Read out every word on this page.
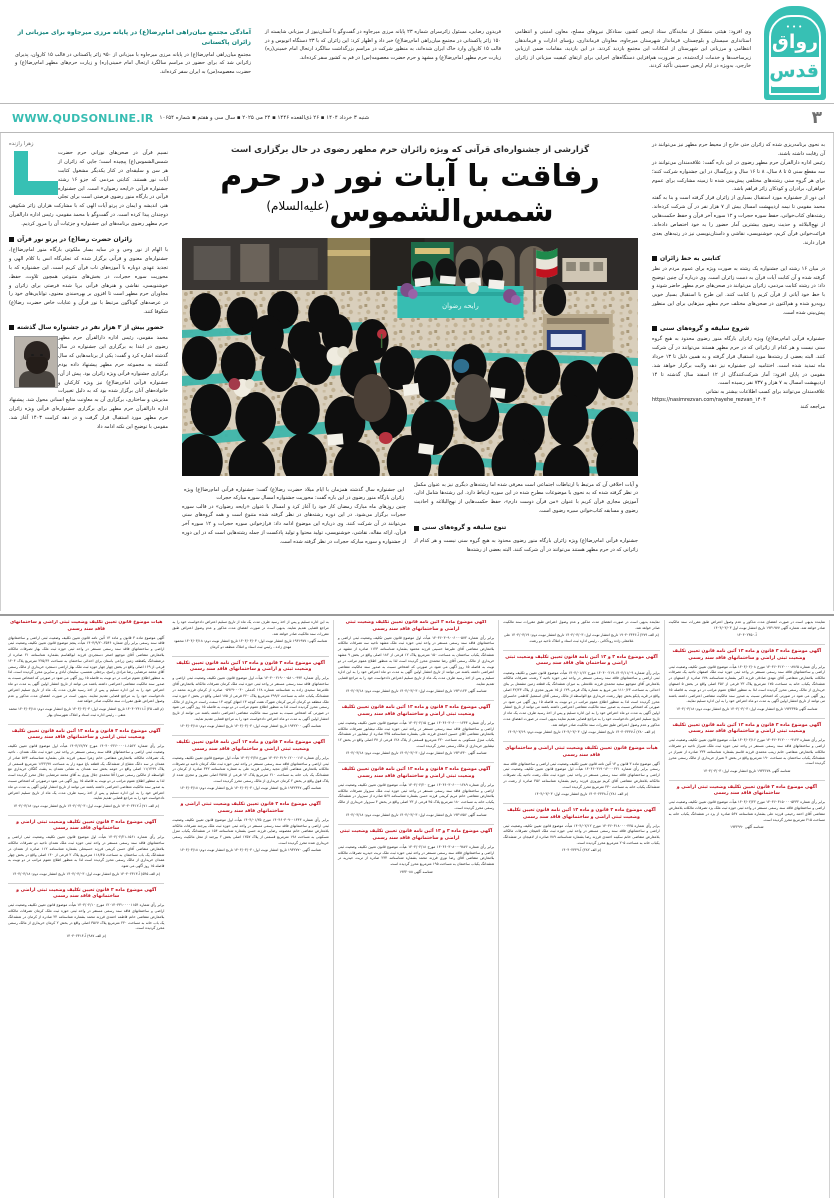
•••
رواق
قدس
آمادگی مجتمع میان‌راهی امام‌رضا(ع) در پایانه مرزی میرجاوه برای میزبانی از زائران پاکستانی
مجتمع میان‌راهی امام‌رضا(ع) در پایانه مرزی میرجاوه با میزبانی از ۹۵۰ زائر پاکستانی در قالب ۱۵ کاروان، پذیرای زائرانی شد که برای حضور در مراسم سالگرد ارتحال امام خمینی(ره) و زیارت حرم‌های مطهر امام‌رضا(ع) و حضرت معصومه(س) به ایران سفر کرده‌اند.
فریدون رضایی، مسئول زائرسرای شماره ۲۳ پایانه مرزی میرجاوه در گفت‌وگو با آستان‌نیوز از میزبانی شایسته از ۱۵۰ زائر پاکستانی در مجتمع میان‌راهی امام‌رضا(ع) خبر داد و اظهار کرد: این زائران که با ۲۳ دستگاه اتوبوس و در قالب ۱۵ کاروان وارد خاک ایران شده‌اند، به منظور شرکت در مراسم بزرگداشت سالگرد ارتحال امام خمینی(ره) زیارت حرم مطهر امام‌رضا(ع) و مشهد و حرم حضرت معصومه(س) در قم به کشور سفر کرده‌اند.
وی افزود: هیئتی متشکل از نمایندگان ستاد اربعین کشور، ستادکل نیروهای مسلح، معاون امنیتی و انتظامی استانداری سیستان و بلوچستان، فرماندار شهرستان میرجاوه، معاونان فرمانداری، رؤسای ادارات و فرماندهان انتظامی و مرزبانی این شهرستان از امکانات این مجتمع بازدید کردند. در این بازدید، مقامات ضمن ارزیابی زیرساخت‌ها و خدمات ارائه‌شده، بر ضرورت هم‌افزایی دستگاه‌های اجرایی برای ارتقای کیفیت میزبانی از زائران خارجی، به‌ویژه در ایام اربعین حسینی تأکید کردند.
۳
شنبه ۳ خرداد ۱۴۰۴ ▪ ۲۶ ذی‌القعده ۱۴۴۶ ▪ ۲۴ می ۲۰۲۵ ▪ سال سی و هفتم ▪ شماره ۱۰۶۵۴
WWW.QUDSONLINE.IR
زهرا رازنده
نسیم قرآن در صحن‌های نورانی حرم حضرت شمس‌الشموس(ع) پیچیده است؛ جایی که زائران از هر سن و سلیقه‌ای در کنار یکدیگر مشغول کتابت آیات نور هستند. کتابتی مردمی که جزو ۱۶ رشته جشنواره قرآنی «رایحه رضوان» است. این جشنواره قرآنی در بارگاه منور رضوی فرصتی است برای تجلی هنر، اندیشه و ایمان در پرتو آیات الهی که با مشارکت هزاران زائر شکوهی دوچندان پیدا کرده است. در گفت‌وگو با محمد مقومی، رئیس اداره دارالقرآن حرم مطهر رضوی برنامه‌های این جشنواره و جزئیات آن را مرور کردیم.
زائران حضرت رضا(ع) در پرتو نور قرآن
با الهام از نور وحی و در سایه بسار ملکوتی بارگاه منور امام‌رضا(ع)، جشنواره‌ای معنوی و قرآنی برگزار شده که تجلی‌گاه انس با کلام الهی و تجدید عهدی دوباره با آموزه‌های ناب قرآن کریم است. این جشنواره که با محوریت سوره حجرات، در بخش‌های متنوعی همچون تلاوت، حفظ، خوشنویسی، نقاشی و هنرهای قرآنی برپا شده فرصتی برای زائران و مجاوران حرم مطهر است تا افزون بر بهره‌مندی معنوی، توانایی‌های خود را در عرصه‌های گوناگون مرتبط با نور قرآن و عنایات خاص حضرت رضا(ع) شکوفا کنند.
حضور بیش از ۳ هزار نفر در جشنواره سال گذشته
محمد مقومی، رئیس اداره دارالقرآن حرم مطهر رضوی در ابتدا به برگزاری این جشنواره در سال گذشته اشاره کرد و گفت: یکی از برنامه‌هایی که سال گذشته به مجموعه حرم مطهر پیشنهاد داده بودم برگزاری جشنواره قرآنی ویژه زائران بود. پیش از آن، جشنواره قرآنی امام‌رضا(ع) نیز ویژه کارکنان و خانواده‌های آنان برگزار شده بود که به دلیل تغییرات مدیریتی و ساختاری، برگزاری آن به معاونت منابع انسانی محول شد. پیشنهاد اداره دارالقرآن حرم مطهر برای برگزاری جشنواره‌ای قرآنی ویژه زائران حرم مطهر مورد استقبال قرار گرفت و در دهه کرامت ۱۴۰۳ آغاز شد. مقومی با توضیح این نکته ادامه داد
گزارشی از جشنواره‌ای قرآنی که ویژه زائران حرم مطهر رضوی در حال برگزاری است
رفاقت با آیات نور در حرم شمس‌الشموس$^{(علیه‌السلام)}$
رایحه رضوان
این جشنواره سال گذشته همزمان با ایام میلاد حضرت رضا(ع) گفت: جشنواره قرآنی امام‌رضا(ع) ویژه زائران بارگاه منور رضوی در این باره گفت: محوریت جشنواره امسال سوره مبارکه حجرات
چنین روزهای ماه مبارک رمضان کار خود را آغاز کرد و امسال با عنوان «رایحه رضوان» در قالب سوره حجرات برگزار می‌شود. در این دوره رشته‌های در نظر گرفته شده متنوع است و همه گروه‌های سنی می‌توانند در آن شرکت کنند. وی درباره این موضوع ادامه داد: فرازخوانی سوره حجرات و ۱۲ سوره آخر قرآن، ارائه مقاله، نقاشی، خوشنویسی، تولید محتوا و تولید پادکست از جمله رشته‌هایی است که در این دوره از جشنواره و سوره مبارکه حجرات در نظر گرفته شده است.
و آیات اخلاقی آن که مرتبط با ارتباطات اجتماعی است معرفی شده اما رشته‌های دیگری نیز به عنوان مکمل در نظر گرفته شده که به نحوی با موضوعات مطرح شده در این سوره ارتباط دارد. این رشته‌ها شامل اذان، آموزش مجازی قرآن کریم با عنوان «من قرآن دوست دارم»، حفظ حکمت‌هایی از نهج‌البلاغه و احادیث رضوی و مسابقه کتاب‌خوانی سیره رضوی است.
تنوع سلیقه و گروه‌های سنی
جشنواره قرآنی امام‌رضا(ع) ویژه زائران بارگاه منور رضوی محدود به هیچ گروه سنی نیست و هر کدام از زائرانی که در حرم مطهر هستند می‌توانند در آن شرکت کنند. البته بعضی از رشته‌ها
به نحوی برنامه‌ریزی شده که زائران حتی خارج از محیط حرم مطهر نیز می‌توانند در آن رقابت داشته باشند.
رئیس اداره دارالقرآن حرم مطهر رضوی در این باره گفت: علاقه‌مندان می‌توانند در سه مقطع سنی ۵ تا ۸ سال، ۸ تا ۱۶ سال و بزرگسال در این جشنواره شرکت کنند؛ برای هر گروه سنی رشته‌های مختلفی پیش‌بینی شده تا زمینه مشارکت برای عموم خواهران، برادران و کودکان زائر فراهم باشد.
این دور از جشنواره مورد استقبال بسیاری از زائران قرار گرفته است و بنا به گفته محمد مقومی تا نیمه اردیبهشت امسال بیش از ۷ هزار نفر در آن شرکت کرده‌اند. رشته‌های کتاب‌خوانی، حفظ سوره حجرات و ۱۲ سوره آخر قرآن و حفظ حکمت‌هایی از نهج‌البلاغه و حدیث رضوی بیشترین آمار حضور را به خود اختصاص داده‌اند. قرائت‌خوانی قرآن کریم، خوشنویسی، نقاشی و داستان‌نویسی نیز در رتبه‌های بعدی قرار دارند.
کتابتی به خط زائران
در میان ۱۶ رشته این جشنواره یک رشته به صورت ویژه برای عموم مردم در نظر گرفته شده و آن کتابت آیات قرآن به دست زائران است. وی درباره آن چنین توضیح داد: در رشته کتابت مردمی، زائران می‌توانند در صحن‌های حرم مطهر حاضر شوند و با خط خود آیاتی از قرآن کریم را کتابت کنند. این طرح با استقبال بسیار خوبی روبه‌رو شده و هم‌اکنون در صحن‌های مختلف حرم مطهر میزهایی برای این منظور پیش‌بینی شده است.
شروع سلیقه و گروه‌های سنی
جشنواره قرآنی امام‌رضا(ع) ویژه زائران بارگاه منور رضوی محدود به هیچ گروه سنی نیست و هر کدام از زائرانی که در حرم مطهر هستند می‌توانند در آن شرکت کنند. البته بعضی از رشته‌ها مورد استقبال قرار گرفته و به همین دلیل تا ۱۳ خرداد ماه تمدید شده است. اختتامیه این جشنواره نیز دهه ولایت برگزار خواهد شد. مقومی در پایان افزود: آمار شرکت‌کنندگان از ۱۲ اسفند سال گذشته تا ۱۴ اردیبهشت امسال به ۷ هزار و ۷۳۷ نفر رسیده است.
علاقه‌مندان می‌توانند برای کسب اطلاعات بیشتر به نشانی
https://nasimrezvan.com/rayehe_rezvan_۱۴۰۴
مراجعه کنند
هیأت موضوع قانون تعیین تکلیف وضعیت ثبتی اراضی و ساختمانهای فاقد سند رسمی
آگهی موضوع ماده ۳ قانون و ماده ۱۳ آئین نامه قانون تعیین تکلیف وضعیت ثبتی اراضی و ساختمانهای فاقد سند رسمی برابر رأی شماره ۲۵۴۶-۱۴۰۳/۹/۲۰ هیأت پنجم موضوع قانون تعیین تکلیف وضعیت ثبتی اراضی و ساختمانهای فاقد سند رسمی مستقر در واحد ثبتی حوزه ثبت ملک بهار تصرفات مالکانه بلامعارض متقاضی آقای موجهو اصغر دستجردی فرزند ابوالقاسم بشماره شناسنامه ۲۱ صادره از درششدانگ یکقطعه زمین زراعی باستان برای احداثی ساختمان به مساحت ۲۲۵/۶۴ مترمربع پلاک ۱۴۰۴ فرعی از ۱۶۹ اصلی واقع در بخش چهار جهار حوزه ثبت ملک بهار اراضی دستجرد خریداری از مالک رسمی آقای محمد مرتضایی رضا مرادی راسخ، برجعلی شمسی، سلیمان آبادی و سایرین محرز گردیده است. لذا به منظور اطلاع عموم مراتب در دو نوبت به فاصله ۱۵ روز آگهی می شود در صورتی که اشخاص نسبت به صدور سند مالکیت متقاضی اعتراضی داشته باشند می توانند از تاریخ انتشار اولین آگهی به مدت دو ماه اعتراض خود را به این اداره تسلیم و پس از اخذ رسید ظرف مدت یک ماه از تاریخ تسلیم اعتراض دادخواست خود را به مراجع قضایی تقدیم نمایند. بدیهی است در صورت انقضای مدت مذکور و عدم وصول اعتراض طبق مقررات سند مالکیت صادر خواهد شد.
(م الف ۲۵) آ-۱۴۰۴۰۲۴۱۱ تاریخ انتشار نوبت اول: ۱۴۰۴/۰۳/۰۳ تاریخ انتشار نوبت دوم: ۱۴۰۴/۰۳/۱۸ محمد متقی - رئیس اداره ثبت اسناد و املاک شهرستان بهار
آگهی موضوع ماده ۳ قانون و ماده ۱۳ آئین نامه قانون تعیین تکلیف وضعیت ثبتی اراضی و ساختمانهای فاقد سند رسمی
برابر رأی شماره ۱۵۶۲-۱۴۰۴۰۰۲۲۶۰۰۰۰۱ مورخ ۱۴۰۳/۱۲/۲۷ هیأت اول موضوع قانون تعیین تکلیف وضعیت ثبتی اراضی و ساختمانهای فاقد سند رسمی مستقر در واحد ثبتی حوزه ثبت ملک همدان - ناحیه یک تصرفات مالکانه بلامعارض متقاضی خانم زهرا سیفی فرزند علی بشماره شناسنامه ۵۷۳ صادر از همدان در سه دانگ مشاع از ششدانگ یک قطعه باغ میوه زار به مساحت ۱۶۲۲/۹۷ مترمربع قسمتی از پلاک ۱۱/۱۲۹۹ اصلی واقع در حومه بخش سه همدان به نشانی همدان به پشت گلگان خریداری مع الواسطه از مالکین رسمی میرزا آقا محمدی جلال پوری به آقای محمد مرتضایی جلال محرز گردیده است لذا به منظور اطلاع عموم مراتب در دو نوبت به فاصله ۱۵ روز آگهی می شود درصورتی که اشخاص نسبت به صدور سند مالکیت متقاضی اعتراضی داشته باشند می توانند از تاریخ انتشار اولین آگهی به مدت دو ماه اعتراض خود را به این اداره تسلیم و پس از اخذ رسید ظرف مدت یک ماه از تاریخ تسلیم اعتراض دادخواست خود را به مراجع قضایی تقدیم نمایند.
(م الف ۷۱) آ-۱۴۰۴۰۲۴۱۲ تاریخ انتشار نوبت اول: ۱۴۰۴/۰۳/۰۳ تاریخ انتشار نوبت دوم: ۱۴۰۴/۰۳/۱۸
آگهی موضوع ماده ۳ قانون تعیین تکلیف وضعیت ثبتی اراضی و ساختمانهای فاقد سند رسمی
برابر رأی شماره ۱۵۶۱-۱۴۰۴/۰۲/۲۱ هیأت اول موضوع قانون تعیین تکلیف وضعیت ثبتی اراضی و ساختمانهای فاقد سند رسمی مستقر در واحد ثبتی حوزه ثبت ملک همدان ناحیه دو تصرفات مالکانه بلامعارض متقاضی آقای حسن کریمی فرزند حسینعلی بشماره شناسنامه ۱۱۲ صادره از همدان در ششدانگ یک باب ساختمان به مساحت ۱۱۸/۴۵ مترمربع پلاک ۲ فرعی از ۱۴۰ اصلی واقع در بخش چهار همدان خریداری از مالک رسمی محرز گردیده است لذا به منظور اطلاع عموم مراتب در دو نوبت به فاصله ۱۵ روز آگهی می شود.
(م الف ۵۴۵) آ-۱۴۰۴۰۲۴۱۳ تاریخ انتشار نوبت اول: ۱۴۰۴/۰۳/۰۳ تاریخ انتشار نوبت دوم: ۱۴۰۴/۰۳/۱۸
آگهی موضوع ماده ۳ قانون تعیین تکلیف وضعیت ثبتی اراضی و ساختمانهای فاقد سند رسمی
برابر رأی شماره ۱۲۰۱۴۰۴۳۱۰۰۰۰۱۱۵۴ مورخ ۱۴۰۴/۰۲/۱۰ هیأت موضوع قانون تعیین تکلیف وضعیت ثبتی اراضی و ساختمانهای فاقد سند رسمی مستقر در واحد ثبتی حوزه ثبت ملک کرمان تصرفات مالکانه بلامعارض متقاضی خانم فاطمه احمدی فرزند محمد بشماره شناسنامه ۲۴ صادره از کرمان در ششدانگ یک باب خانه به مساحت ۲۴۰ مترمربع پلاک ۳۵۶۷ اصلی واقع در بخش ۲ کرمان خریداری از مالک رسمی محرز گردیده است.
(م الف ۹۸۷) آ-۱۴۰۴۰۲۴۱۴
به این اداره تسلیم و پس از اخذ رسید ظرف مدت یک ماه از تاریخ تسلیم اعتراض دادخواست خود را به مراجع قضایی تقدیم نمایند. بدیهی است در صورت انقضای مدت مذکور و عدم وصول اعتراض طبق مقررات سند مالکیت صادر خواهد شد.
شناسه آگهی: ۱۹۳۱۹۷۷ تاریخ انتشار نوبت اول: ۱۴۰۴/۰۳/۰۳ تاریخ انتشار نوبت دوم: ۱۴۰۴/۰۳/۱۸ محمود مهدی زاده - رئیس ثبت اسناد و املاک منطقه دو کرمان
آگهی موضوع ماده ۳ قانون و ماده ۱۳ آئین نامه قانون تعیین تکلیف وضعیت ثبتی و اراضی و ساختمانهای فاقد سند رسمی
برابر رأی شماره ۰۹۹۴-۱۴۰۴۰۰۲۱۹۰۰۰۵۸۰ هیأت اول موضوع قانون تعیین تکلیف وضعیت ثبتی اراضی و ساختمانهای فاقد سند رسمی مستقر در واحد ثبتی حوزه ثبت ملک کرمان تصرفات مالکانه بلامعارض آقای غلامرضا سعیدی زاده به شناسنامه شماره ۱۶۸ کدملی ۰۵۹۶۹۰۰۰۴۰ صادره از کرمان فرزند محمد در ششدانگ یکباب خانه به مساحت ۲۹۹/۶ مترمربع پلاک ۴۲۰ فرعی از ۱۷۵ اصلی واقع در بخش ۶ حوزه ثبت ملک منطقه دو کرمان آدرس کرمان شهرک هفت کوچه ۱۳ انتهای کوچه ۱۳ سمت راست خریداری از مالک رسمی محرز گردیده است لذا به منظور اطلاع عموم مراتب در دو نوبت به فاصله ۱۵ روز آگهی می شود در صورتی که اشخاص نسبت به صدور سند مالکیت متقاضی اعتراضی داشته باشند می توانند از تاریخ انتشار اولین آگهی به مدت دو ماه اعتراض دادخواست خود را به مراجع قضایی تقدیم نمایند.
شناسه آگهی ۱۹۳۲۲۰۰ تاریخ انتشار نوبت اول: ۱۴۰۴/۰۳/۰۳ تاریخ انتشار نوبت دوم: ۱۴۰۴/۰۳/۱۸
آگهی موضوع ماده ۳ قانون و ماده ۱۳ آئین نامه قانون تعیین تکلیف وضعیت ثبتی اراضی و ساختمانهای فاقد سند رسمی
برابر رأی شماره ۱۴۰۴۶۰۳۱۹۰۱۲۰۰۰۱۱۲ مورخ ۱۴۰۴/۰۲/۲۸ هیأت اول موضوع قانون تعیین تکلیف وضعیت ثبتی اراضی و ساختمانهای فاقد سند رسمی مستقر در واحد ثبتی حوزه ثبت ملک کرمان ناحیه دو تصرفات مالکانه بلامعارض متقاضی آقای مجید رضایی فرزند علی به شماره شناسنامه ۳۳۲ صادره از کرمان در ششدانگ یک باب خانه به مساحت ۲۱۰ مترمربع پلاک ۱۲ فرعی از ۴۵۷۵ اصلی مفروز و مجزی شده از پلاک فوق واقع در بخش ۲ کرمان خریداری از مالک رسمی محرز گردیده است.
شناسه آگهی ۱۹۳۲۴۴۷ تاریخ انتشار نوبت اول: ۱۴۰۴/۰۳/۰۳ تاریخ انتشار نوبت دوم: ۱۴۰۴/۰۳/۱۸
آگهی موضوع ماده ۳ قانون تعیین تکلیف وضعیت ثبتی اراضی و ساختمانهای فاقد سند رسمی
برابر رأی شماره ۱۴۰۴۶۰۳۰۹۰۰۱۴۴۳ مورخ ۱۴۰۴/۰۱/۲۵ هیأت اول موضوع قانون تعیین تکلیف وضعیت ثبتی اراضی و ساختمانهای فاقد سند رسمی مستقر در واحد ثبتی حوزه ثبت ملک بیرجند تصرفات مالکانه بلامعارض متقاضی خانم معصومه رضایی فرزند حسن بشماره شناسنامه ۱۵۴ در ششدانگ یکباب منزل مسکونی به مساحت ۱۹۸ مترمربع قسمتی از پلاک ۱۲۵۷ اصلی بخش ۲ بیرجند از محل مالکیت رسمی خریداری شده محرز گردیده است.
شناسه آگهی ۱۹۳۲۷۷۰ تاریخ انتشار نوبت اول: ۱۴۰۴/۰۳/۰۳ تاریخ انتشار نوبت دوم: ۱۴۰۴/۰۳/۱۸
آگهی موضوع ماده ۳ آئین نامه قانون تعیین تکلیف وضعیت ثبتی اراضی و ساختمانهای فاقد سند رسمی
برابر رأی شماره ۱۴۰۴۶۰۳۰۹۰۰۶۰۰۰۵۷۲ هیأت اول موضوع قانون تعیین تکلیف وضعیت ثبتی اراضی و ساختمانهای فاقد سند رسمی مستقر در واحد ثبتی حوزه ثبت ملک مشهد ناحیه سه تصرفات مالکانه بلامعارض متقاضی آقای علیرضا حسینی فرزند محمود بشماره شناسنامه ۱۱۲۳ صادره از مشهد در ششدانگ یکباب ساختمان به مساحت ۱۵۰ مترمربع پلاک ۱۲ فرعی از ۱۸۲ اصلی واقع در بخش ۹ مشهد خریداری از مالک رسمی آقای رضا محمدی محرز گردیده است لذا به منظور اطلاع عموم مراتب در دو نوبت به فاصله ۱۵ روز آگهی می شود در صورتی که اشخاص نسبت به صدور سند مالکیت متقاضی اعتراضی داشته باشند می توانند از تاریخ انتشار اولین آگهی به مدت دو ماه اعتراض خود را به این اداره تسلیم و پس از اخذ رسید ظرف مدت یک ماه از تاریخ تسلیم اعتراض دادخواست خود را به مراجع قضایی تقدیم نمایند.
شناسه آگهی ۱۹۳۱۱۲۳ تاریخ انتشار نوبت اول: ۱۴۰۴/۰۳/۰۳ تاریخ انتشار نوبت دوم: ۱۴۰۴/۰۳/۱۸
آگهی موضوع ماده ۳ قانون و ماده ۱۳ آئین نامه قانون تعیین تکلیف وضعیت ثبتی اراضی و ساختمانهای فاقد سند رسمی
برابر رأی شماره ۱۴۰۴۶۰۳۰۶۰۰۰۱۲۳۴ مورخ ۱۴۰۴/۰۲/۱۵ هیأت موضوع قانون تعیین تکلیف وضعیت ثبتی اراضی و ساختمانهای فاقد سند رسمی مستقر در واحد ثبتی حوزه ثبت ملک نیشابور تصرفات مالکانه بلامعارض متقاضی آقای حسین احمدی فرزند علی بشماره شناسنامه ۳۴۵ صادره از نیشابور در ششدانگ یکباب منزل مسکونی به مساحت ۲۲۰ مترمربع قسمتی از پلاک ۱۲۸ فرعی از ۳۷ اصلی واقع در بخش ۱۲ نیشابور خریداری از مالک رسمی محرز گردیده است.
شناسه آگهی ۱۹۳۱۴۴۰ تاریخ انتشار نوبت اول: ۱۴۰۴/۰۳/۰۳ تاریخ انتشار نوبت دوم: ۱۴۰۴/۰۳/۱۸
آگهی موضوع ماده ۳ قانون و ماده ۱۳ آئین نامه قانون تعیین تکلیف وضعیت ثبتی اراضی و ساختمانهای فاقد سند رسمی
برابر رأی شماره ۱۴۰۴۶۰۳۰۶۰۰۰۱۲۸۹ مورخ ۱۴۰۴/۰۲/۲۰ هیأت موضوع قانون تعیین تکلیف وضعیت ثبتی اراضی و ساختمانهای فاقد سند رسمی مستقر در واحد ثبتی حوزه ثبت ملک سبزوار تصرفات مالکانه بلامعارض متقاضی خانم مریم کریمی فرزند حسن بشماره شناسنامه ۵۶۷ صادره از سبزوار در ششدانگ یکباب خانه به مساحت ۱۸۰ مترمربع پلاک ۴۵ فرعی از ۲۳ اصلی واقع در بخش ۳ سبزوار خریداری از مالک رسمی محرز گردیده است.
شناسه آگهی ۱۹۳۱۷۵۶ تاریخ انتشار نوبت اول: ۱۴۰۴/۰۳/۰۳ تاریخ انتشار نوبت دوم: ۱۴۰۴/۰۳/۱۸
آگهی موضوع ماده ۳ و ۱۳ آئین نامه قانون تعیین تکلیف وضعیت ثبتی اراضی و ساختمانهای فاقد سند رسمی
برابر رأی شماره ۱۴۰۴۶۰۳۰۸۰۰۰۹۸۷۶ مورخ ۱۴۰۴/۰۲/۱۸ هیأت موضوع قانون تعیین تکلیف وضعیت ثبتی اراضی و ساختمانهای فاقد سند رسمی مستقر در واحد ثبتی حوزه ثبت ملک تربت حیدریه تصرفات مالکانه بلامعارض متقاضی آقای رضا نوری فرزند محمد بشماره شناسنامه ۲۳۴ صادره از تربت حیدریه در ششدانگ یکباب ساختمان به مساحت ۱۹۵ مترمربع محرز گردیده است.
شناسه آگهی ۱۹۳۲۰۸۸
نماینده بدیهی است در صورت انقضای مدت مذکور و عدم وصول اعتراض طبق مقررات سند مالکیت صادر خواهد شد.
(م الف ۲۷۹) آ-۱۹۰۴۰۲۴۴۶ تاریخ انتشار نوبت اول: ۱۴۰۴/۰۳/۰۳ تاریخ انتشار نوبت دوم: ۱۴۰۴/۰۳/۱۹ علی غلامعلی زاده رودآکانی - رئیس اداره ثبت اسناد و املاک ناحیه دو رشت
آگهی موضوع ماده ۳ و ۱۳ آئین نامه قانون تعیین تکلیف وضعیت ثبتی اراضی و ساختمان های فاقد سند رسمی
برابر رأی شماره ۱۴۰۴/۱۱/۰۹-۱۴۰۴۰۰۲۱۹ مورخ ۱۴۰۴/۰۱/۱۲ هیأت موضوع قانون تعیین و تکلیف وضعیت ثبتی اراضی و ساختمانهای فاقد سند رسمی مستقر در واحد ثبتی حوزه ناحیه ۲ رشت، تصرفات مالکانه بلامعارض آقای متوجهو سعید محمدی فرزند غلامعلی به میزان ششدانگ یک قطعه زمین مشتمل بر بنای احداثی به مساحت ۱۱۱۰/۶۴ متر مربع به شماره پلاک فرعی ۱۲۹ از ۱۵ نفروز مجزی از پلاک ۴۲/۲۳ اصلی واقع در قریه پایکو بخش چهار رشت خریداری مع الواسطه از مالک رسمی آقای اسمعیل کاظمی خانسرای محرز گردیده است لذا به منظور اطلاع عموم مراتب در دو نوبت به فاصله ۱۵ روز آگهی می شود در صورتی که اشخاص نسبت به صدور سند مالکیت متقاضی اعتراضی داشته باشند می توانند از تاریخ انتشار اولین آگهی به مدت دو ماه اعتراض خود را به این اداره تسلیم و پس از اخذ رسید ظرف مدت یک ماه از تاریخ تسلیم اعتراض دادخواست خود را به مراجع قضایی تقدیم نمایند بدیهی است در صورت انقضای مدت مذکور و عدم وصول اعتراض طبق مقررات سند مالکیت صادر خواهد شد.
(م الف ۲۸۰) آ-۱۴۰۴۰۲۴۴۷ تاریخ انتشار نوبت اول: ۱۴۰۴/۰۳/۰۳ تاریخ انتشار نوبت دوم: ۱۴۰۴/۰۳/۱۹
هیأت موضوع قانون تعیین تکلیف وضعیت ثبتی اراضی و ساختمانهای فاقد سند رسمی
آگهی موضوع ماده ۳ قانون و ۱۳ آئین نامه قانون تعیین تکلیف وضعیت ثبتی اراضی و ساختمانهای فاقد سند رسمی برابر رأی شماره ۱۴۰۴۶۰۳۱۹۰۱۲۰۰۰۲۲۱ هیأت اول موضوع قانون تعیین تکلیف وضعیت ثبتی اراضی و ساختمانهای فاقد سند رسمی مستقر در واحد ثبتی حوزه ثبت ملک رشت ناحیه یک تصرفات مالکانه بلامعارض متقاضی آقای کریم نوروزی فرزند رحیم بشماره شناسنامه ۴۵۶ صادره از رشت در ششدانگ یکباب خانه به مساحت ۲۳۰ مترمربع محرز گردیده است.
(م الف ۲۸۱) آ-۱۴۰۴۰۲۴۴۸ تاریخ انتشار نوبت اول: ۱۴۰۴/۰۳/۰۳
آگهی موضوع ماده ۳ قانون و ماده ۱۳ آئین نامه قانون تعیین تکلیف وضعیت ثبتی اراضی و ساختمانهای فاقد سند رسمی
برابر رأی شماره ۱۴۰۴۶۰۳۱۸۰۰۰۰۴۴۵ مورخ ۱۴۰۴/۰۲/۱۲ هیأت موضوع قانون تعیین تکلیف وضعیت ثبتی اراضی و ساختمانهای فاقد سند رسمی مستقر در واحد ثبتی حوزه ثبت ملک لاهیجان تصرفات مالکانه بلامعارض متقاضی خانم سکینه احمدی فرزند رضا بشماره شناسنامه ۷۸۹ صادره از لاهیجان در ششدانگ یکباب خانه به مساحت ۲۰۵ مترمربع محرز گردیده است.
(م الف ۲۸۲) آ-۱۴۰۴۰۲۴۴۹
نماینده بدیهی است در صورت انقضای مدت مذکور و عدم وصول اعتراض طبق مقررات سند مالکیت صادر خواهد شد. شماره آگهی ۱۹۳۱۹۷۷ تاریخ انتشار نوبت اول ۱۴۰۴/۰۳/۰۳
آ-۱۴۰۴۰۲۴۵۰
آگهی موضوع ماده ۳ قانون و ماده ۱۳ آئین نامه قانون تعیین تکلیف وضعیت ثبتی اراضی و ساختمانهای فاقد سند رسمی
برابر رأی شماره ۱۴۰۴۶۰۳۱۲۰۰۰۰۸۷۶۵ مورخ ۱۴۰۴/۰۲/۰۸ هیأت موضوع قانون تعیین تکلیف وضعیت ثبتی اراضی و ساختمانهای فاقد سند رسمی مستقر در واحد ثبتی حوزه ثبت ملک اصفهان ناحیه یک تصرفات مالکانه بلامعارض متقاضی آقای مهدی صادقی فرزند اکبر بشماره شناسنامه ۶۷۸ صادره از اصفهان در ششدانگ یکباب خانه به مساحت ۱۷۵ مترمربع پلاک ۲۳ فرعی از ۴۵۶ اصلی واقع در بخش ۵ اصفهان خریداری از مالک رسمی محرز گردیده است لذا به منظور اطلاع عموم مراتب در دو نوبت به فاصله ۱۵ روز آگهی می شود در صورتی که اشخاص نسبت به صدور سند مالکیت متقاضی اعتراضی داشته باشند می توانند از تاریخ انتشار اولین آگهی به مدت دو ماه اعتراض خود را به این اداره تسلیم نمایند.
شناسه آگهی ۱۹۳۲۳۴۵ تاریخ انتشار نوبت اول: ۱۴۰۴/۰۳/۰۳ تاریخ انتشار نوبت دوم: ۱۴۰۴/۰۳/۱۸
آگهی موضوع ماده ۳ قانون و ماده ۱۳ آئین نامه قانون تعیین تکلیف وضعیت ثبتی اراضی و ساختمانهای فاقد سند رسمی
برابر رأی شماره ۱۴۰۴۶۰۳۱۲۰۰۰۰۹۱۲۳ مورخ ۱۴۰۴/۰۲/۱۶ هیأت موضوع قانون تعیین تکلیف وضعیت ثبتی اراضی و ساختمانهای فاقد سند رسمی مستقر در واحد ثبتی حوزه ثبت ملک شیراز ناحیه دو تصرفات مالکانه بلامعارض متقاضی خانم زینب محمدی فرزند قاسم بشماره شناسنامه ۲۳۴ صادره از شیراز در ششدانگ یکباب ساختمان به مساحت ۱۹۰ مترمربع واقع در بخش ۴ شیراز خریداری از مالک رسمی محرز گردیده است.
شناسه آگهی ۱۹۳۲۶۷۸ تاریخ انتشار نوبت اول: ۱۴۰۴/۰۳/۰۳
آگهی موضوع ماده ۳ قانون تعیین تکلیف وضعیت ثبتی اراضی و ساختمانهای فاقد سند رسمی
برابر رأی شماره ۱۴۰۴۶۰۳۱۵۰۰۰۰۵۴۳۲ مورخ ۱۴۰۴/۰۲/۲۲ هیأت موضوع قانون تعیین تکلیف وضعیت ثبتی اراضی و ساختمانهای فاقد سند رسمی مستقر در واحد ثبتی حوزه ثبت ملک یزد تصرفات مالکانه بلامعارض متقاضی آقای احمد رحیمی فرزند علی بشماره شناسنامه ۵۶۷ صادره از یزد در ششدانگ یکباب خانه به مساحت ۲۱۵ مترمربع محرز گردیده است.
شناسه آگهی ۱۹۳۲۹۹۰
